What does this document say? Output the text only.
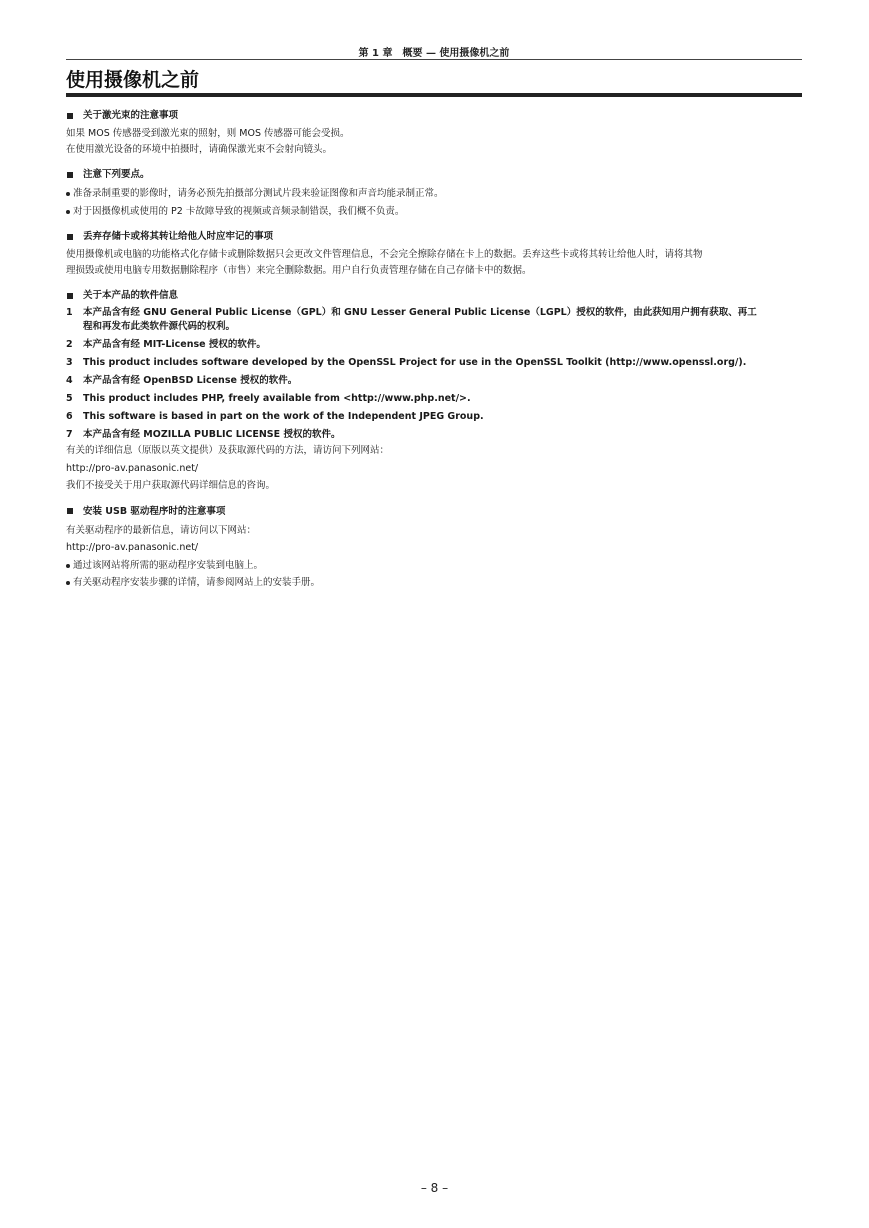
第 1 章　概要 — 使用摄像机之前
使用摄像机之前
关于激光束的注意事项

如果 MOS 传感器受到激光束的照射，则 MOS 传感器可能会受损。

在使用激光设备的环境中拍摄时，请确保激光束不会射向镜头。

注意下列要点。
准备录制重要的影像时，请务必预先拍摄部分测试片段来验证图像和声音均能录制正常。
对于因摄像机或使用的 P2 卡故障导致的视频或音频录制错误，我们概不负责。
丢弃存储卡或将其转让给他人时应牢记的事项

使用摄像机或电脑的功能格式化存储卡或删除数据只会更改文件管理信息，不会完全擦除存储在卡上的数据。丢弃这些卡或将其转让给他人时，请将其物

理损毁或使用电脑专用数据删除程序（市售）来完全删除数据。用户自行负责管理存储在自己存储卡中的数据。

关于本产品的软件信息
1	本产品含有经 GNU General Public License（GPL）和 GNU Lesser General Public License（LGPL）授权的软件，由此获知用户拥有获取、再工
程和再发布此类软件源代码的权利。
2	本产品含有经 MIT-License 授权的软件。
3	This product includes software developed by the OpenSSL Project for use in the OpenSSL Toolkit (http://www.openssl.org/).
4	本产品含有经 OpenBSD License 授权的软件。
5	This product includes PHP, freely available from <http://www.php.net/>.
6	This software is based in part on the work of the Independent JPEG Group.
7	本产品含有经 MOZILLA PUBLIC LICENSE 授权的软件。

有关的详细信息（原版以英文提供）及获取源代码的方法，请访问下列网站：

http://pro-av.panasonic.net/

我们不接受关于用户获取源代码详细信息的咨询。

安装 USB 驱动程序时的注意事项

有关驱动程序的最新信息，请访问以下网站：

http://pro-av.panasonic.net/

通过该网站将所需的驱动程序安装到电脑上。
有关驱动程序安装步骤的详情，请参阅网站上的安装手册。
– 8 –
